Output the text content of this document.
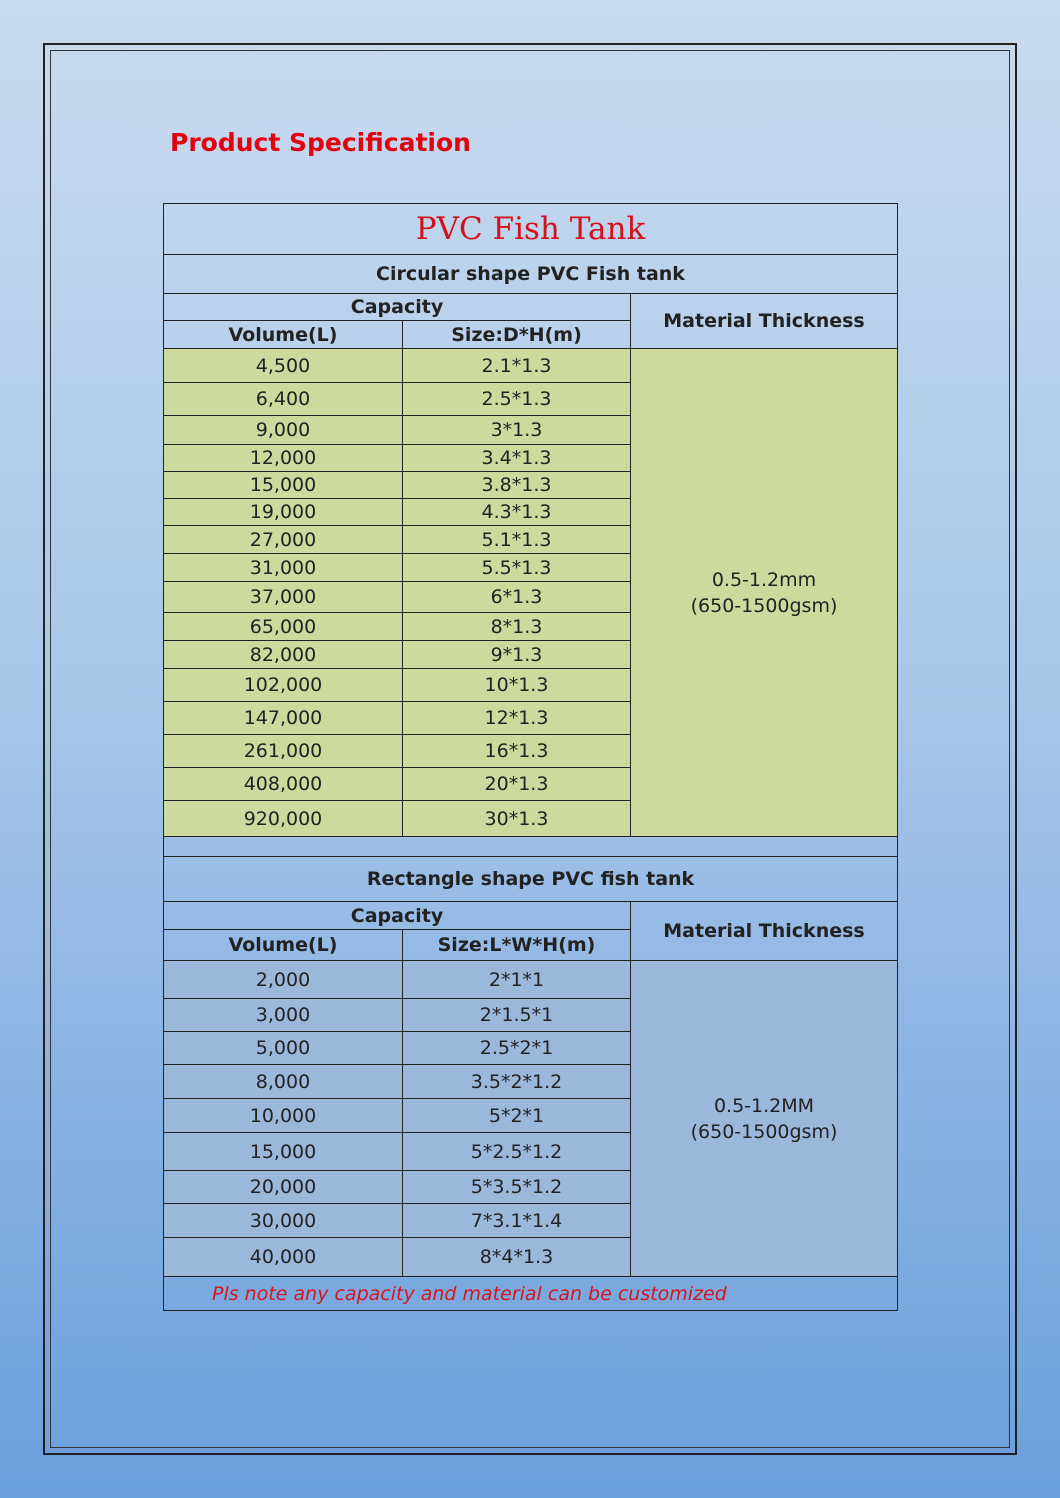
Product Specification
PVC Fish Tank		
Circular shape PVC Fish tank		
Capacity		Material Thickness
Volume(L)	Size:D*H(m)	
4,500	2.1*1.3	0.5-1.2mm
(650-1500gsm)

6,400	2.5*1.3	
9,000	3*1.3	
12,000	3.4*1.3	
15,000	3.8*1.3	
19,000	4.3*1.3	
27,000	5.1*1.3	
31,000	5.5*1.3	
37,000	6*1.3	
65,000	8*1.3	
82,000	9*1.3	
102,000	10*1.3	
147,000	12*1.3	
261,000	16*1.3	
408,000	20*1.3	
920,000	30*1.3	

Rectangle shape PVC fish tank		
Capacity		Material Thickness
Volume(L)	Size:L*W*H(m)	
2,000	2*1*1	0.5-1.2MM
(650-1500gsm)

3,000	2*1.5*1	
5,000	2.5*2*1	
8,000	3.5*2*1.2	
10,000	5*2*1	
15,000	5*2.5*1.2	
20,000	5*3.5*1.2	
30,000	7*3.1*1.4	
40,000	8*4*1.3	
Pls note any capacity and material can be customized		
